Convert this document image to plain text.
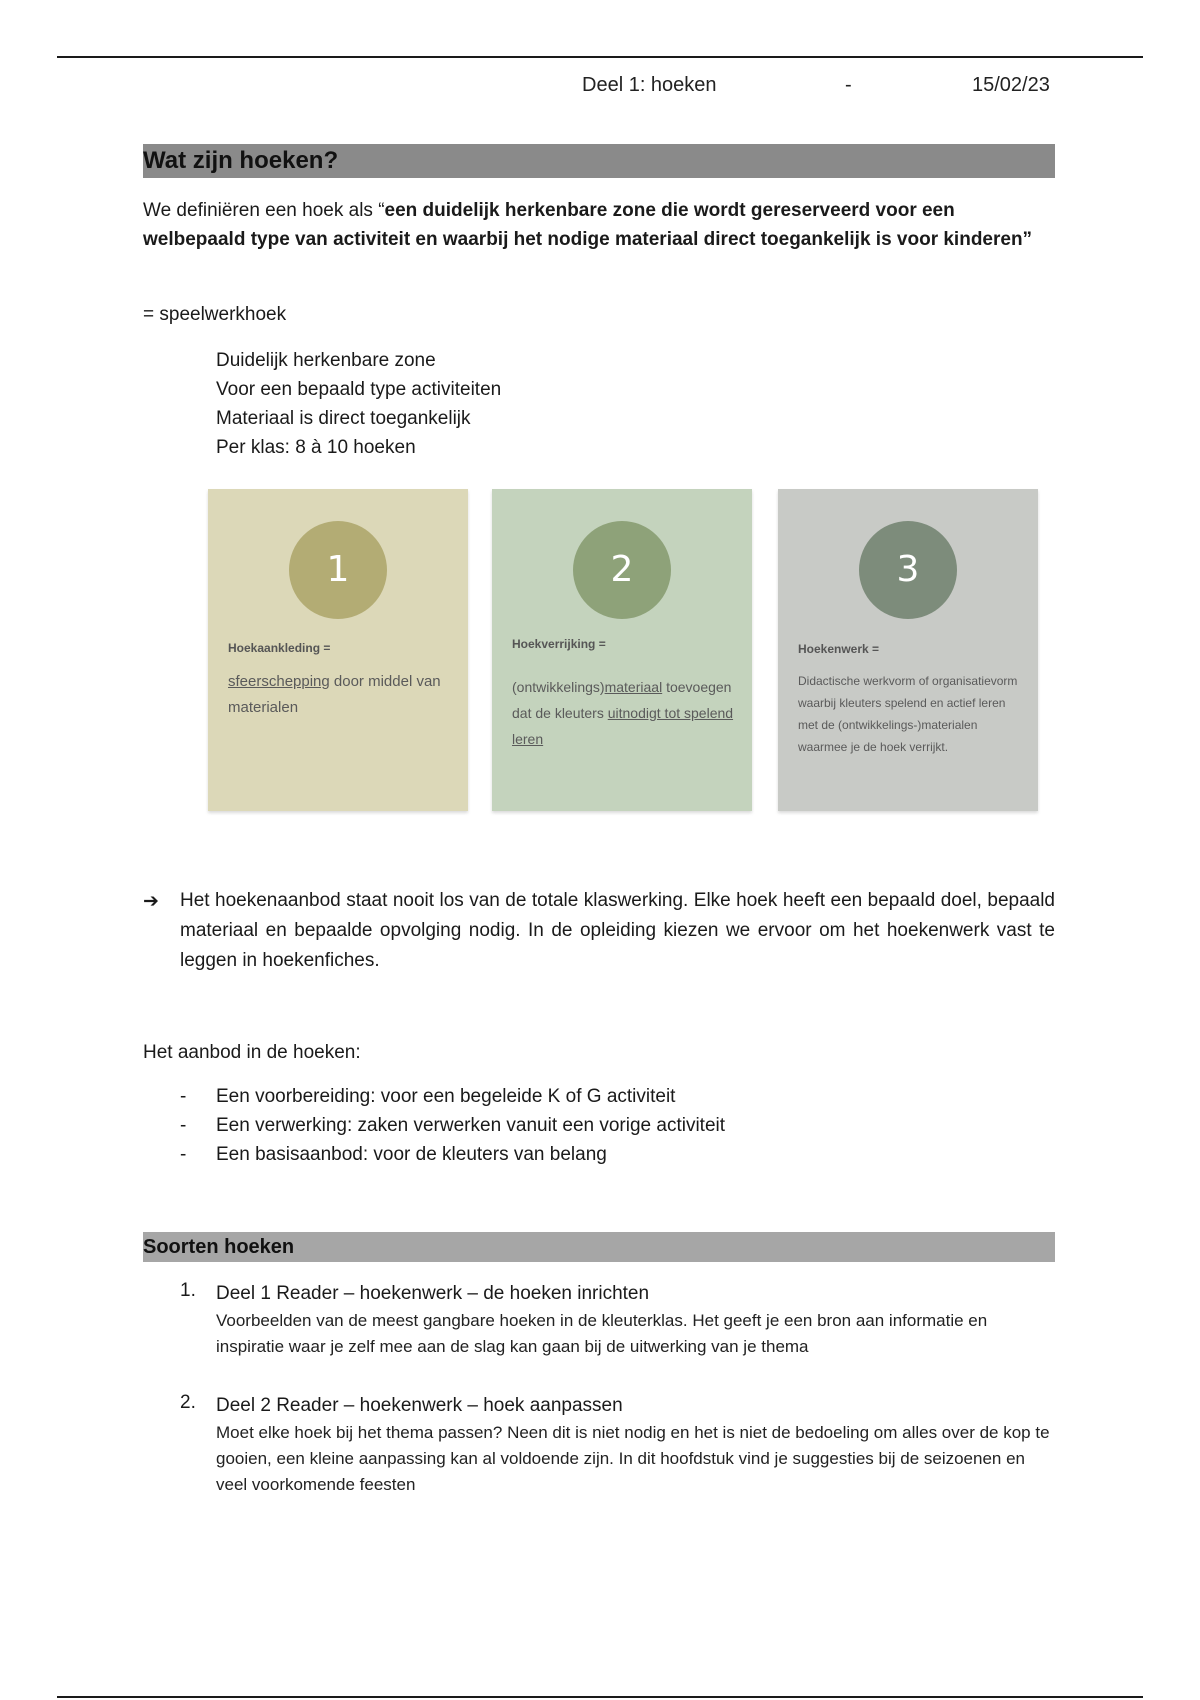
Deel 1: hoeken	-	15/02/23
Wat zijn hoeken?
We definiëren een hoek als “een duidelijk herkenbare zone die wordt gereserveerd voor een welbepaald type van activiteit en waarbij het nodige materiaal direct toegankelijk is voor kinderen”
= speelwerkhoek
Duidelijk herkenbare zone
Voor een bepaald type activiteiten
Materiaal is direct toegankelijk
Per klas: 8 à 10 hoeken
1
Hoekaankleding =
sfeerschepping door middel van materialen
2
Hoekverrijking =
(ontwikkelings)materiaal toevoegen dat de kleuters uitnodigt tot spelend leren
3
Hoekenwerk =
Didactische werkvorm of organisatievorm waarbij kleuters spelend en actief leren met de (ontwikkelings-)materialen waarmee je de hoek verrijkt.
➔ Het hoekenaanbod staat nooit los van de totale klaswerking. Elke hoek heeft een bepaald doel, bepaald materiaal en bepaalde opvolging nodig. In de opleiding kiezen we ervoor om het hoekenwerk vast te leggen in hoekenfiches.
Het aanbod in de hoeken:
- Een voorbereiding: voor een begeleide K of G activiteit
- Een verwerking: zaken verwerken vanuit een vorige activiteit
- Een basisaanbod: voor de kleuters van belang
Soorten hoeken
1. Deel 1 Reader – hoekenwerk – de hoeken inrichten
Voorbeelden van de meest gangbare hoeken in de kleuterklas. Het geeft je een bron aan informatie en inspiratie waar je zelf mee aan de slag kan gaan bij de uitwerking van je thema
2. Deel 2 Reader – hoekenwerk – hoek aanpassen
Moet elke hoek bij het thema passen? Neen dit is niet nodig en het is niet de bedoeling om alles over de kop te gooien, een kleine aanpassing kan al voldoende zijn. In dit hoofdstuk vind je suggesties bij de seizoenen en veel voorkomende feesten
